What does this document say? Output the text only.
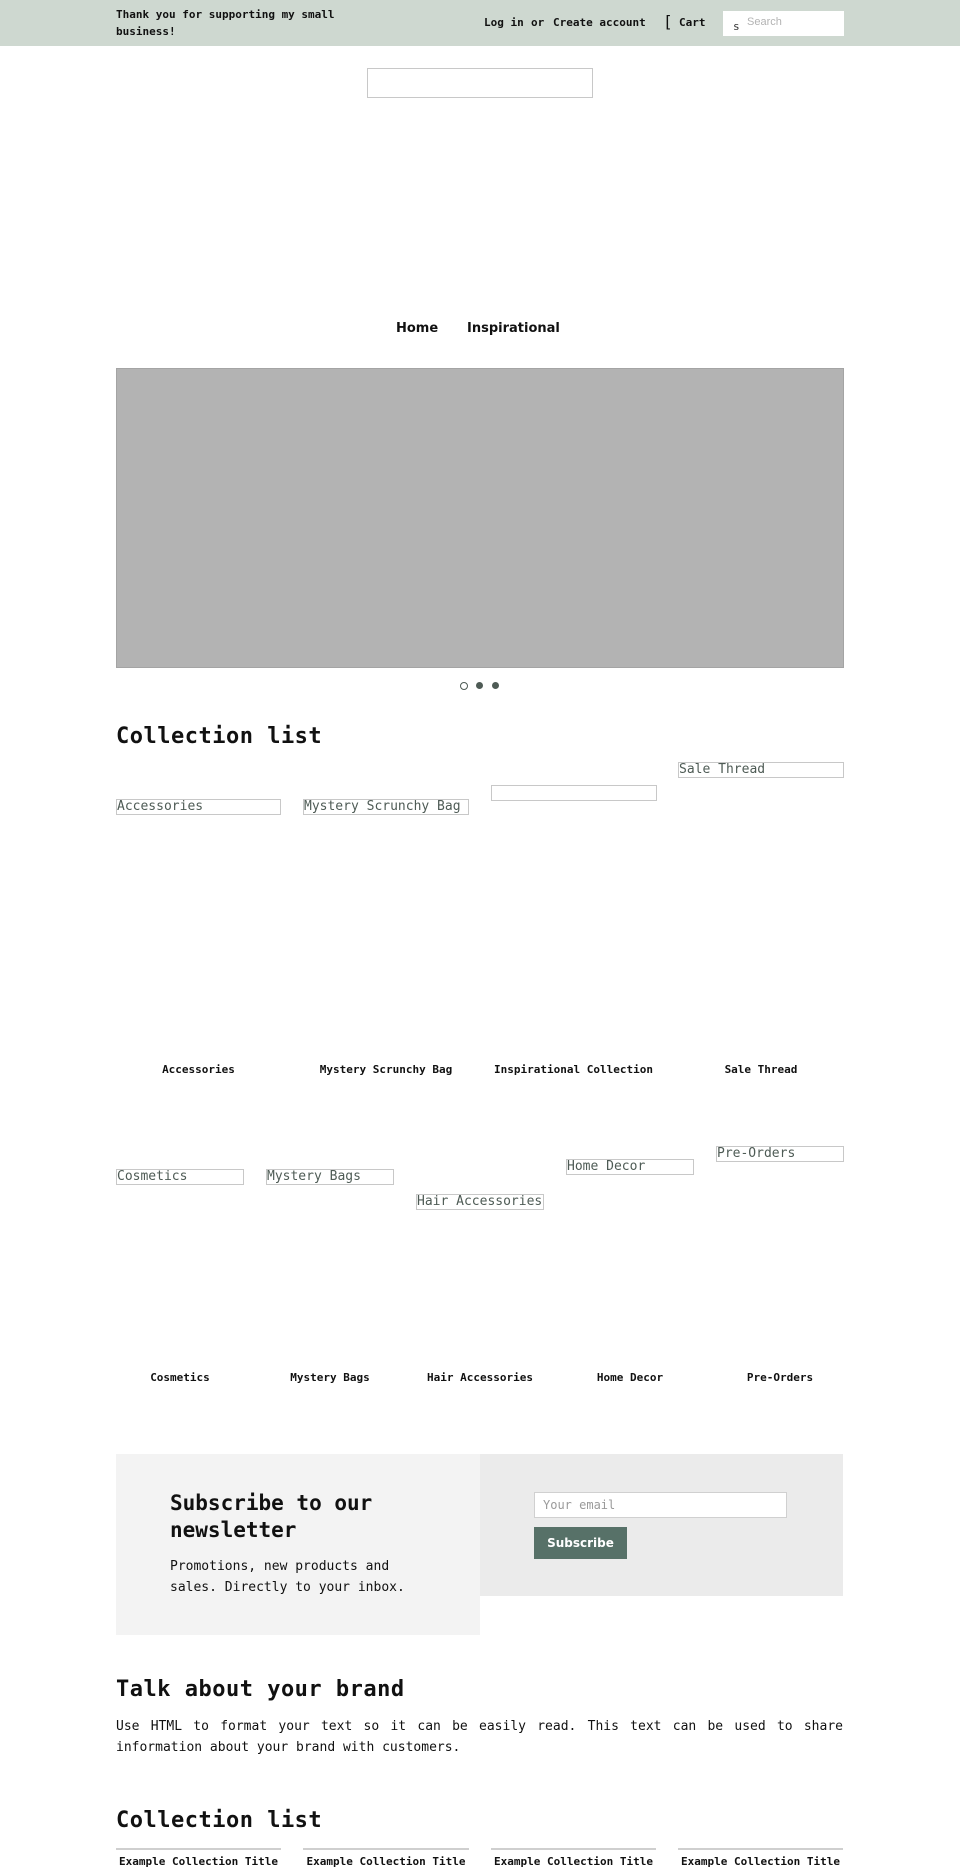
Thank you for supporting my small business!
Log in or Create account [ Cart	s
Search
Home Inspirational
Collection list
Accessories	Mystery Scrunchy Bag
Sale Thread
Accessories	Mystery Scrunchy Bag	Inspirational Collection	Sale Thread
Cosmetics	Mystery Bags
Hair Accessories
Home Decor
Pre-Orders
Cosmetics	Mystery Bags	Hair Accessories	Home Decor	Pre-Orders
Subscribe to our newsletter
Promotions, new products and sales. Directly to your inbox.
Your email
Subscribe
Talk about your brand
Use HTML to format your text so it can be easily read. This text can be used to share information about your brand with customers.
Collection list
Example Collection Title	Example Collection Title	Example Collection Title	Example Collection Title
